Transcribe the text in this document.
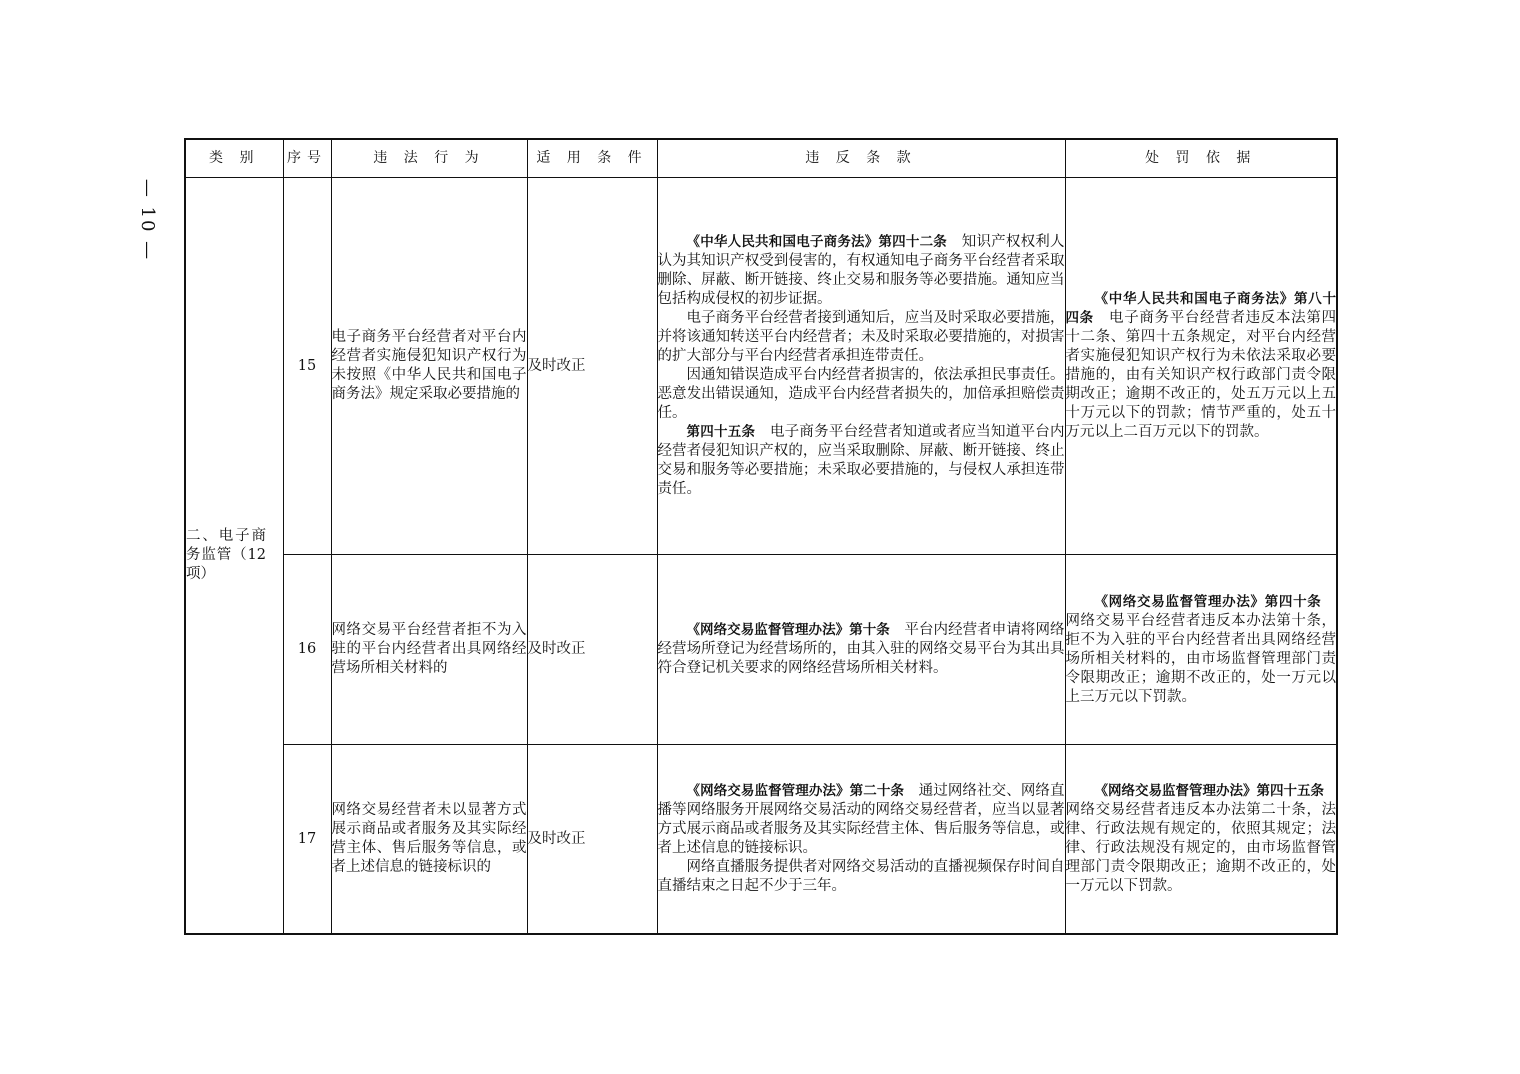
— 10 —
类 别	序号	违 法 行 为	适 用 条 件	违 反 条 款	处 罚 依 据

二、电子商务监管（12项）	15	电子商务平台经营者对平台内经营者实施侵犯知识产权行为未按照《中华人民共和国电子商务法》规定采取必要措施的	及时改正	《中华人民共和国电子商务法》第四十二条　知识产权权利人认为其知识产权受到侵害的，有权通知电子商务平台经营者采取删除、屏蔽、断开链接、终止交易和服务等必要措施。通知应当包括构成侵权的初步证据。
电子商务平台经营者接到通知后，应当及时采取必要措施，并将该通知转送平台内经营者；未及时采取必要措施的，对损害的扩大部分与平台内经营者承担连带责任。
因通知错误造成平台内经营者损害的，依法承担民事责任。恶意发出错误通知，造成平台内经营者损失的，加倍承担赔偿责任。
第四十五条　电子商务平台经营者知道或者应当知道平台内经营者侵犯知识产权的，应当采取删除、屏蔽、断开链接、终止交易和服务等必要措施；未采取必要措施的，与侵权人承担连带责任。	《中华人民共和国电子商务法》第八十四条　电子商务平台经营者违反本法第四十二条、第四十五条规定，对平台内经营者实施侵犯知识产权行为未依法采取必要措施的，由有关知识产权行政部门责令限期改正；逾期不改正的，处五万元以上五十万元以下的罚款；情节严重的，处五十万元以上二百万元以下的罚款。

	16	网络交易平台经营者拒不为入驻的平台内经营者出具网络经营场所相关材料的	及时改正	《网络交易监督管理办法》第十条　平台内经营者申请将网络经营场所登记为经营场所的，由其入驻的网络交易平台为其出具符合登记机关要求的网络经营场所相关材料。	《网络交易监督管理办法》第四十条　网络交易平台经营者违反本办法第十条，拒不为入驻的平台内经营者出具网络经营场所相关材料的，由市场监督管理部门责令限期改正；逾期不改正的，处一万元以上三万元以下罚款。

	17	网络交易经营者未以显著方式展示商品或者服务及其实际经营主体、售后服务等信息，或者上述信息的链接标识的	及时改正	《网络交易监督管理办法》第二十条　通过网络社交、网络直播等网络服务开展网络交易活动的网络交易经营者，应当以显著方式展示商品或者服务及其实际经营主体、售后服务等信息，或者上述信息的链接标识。
网络直播服务提供者对网络交易活动的直播视频保存时间自直播结束之日起不少于三年。	《网络交易监督管理办法》第四十五条　网络交易经营者违反本办法第二十条，法律、行政法规有规定的，依照其规定；法律、行政法规没有规定的，由市场监督管理部门责令限期改正；逾期不改正的，处一万元以下罚款。
